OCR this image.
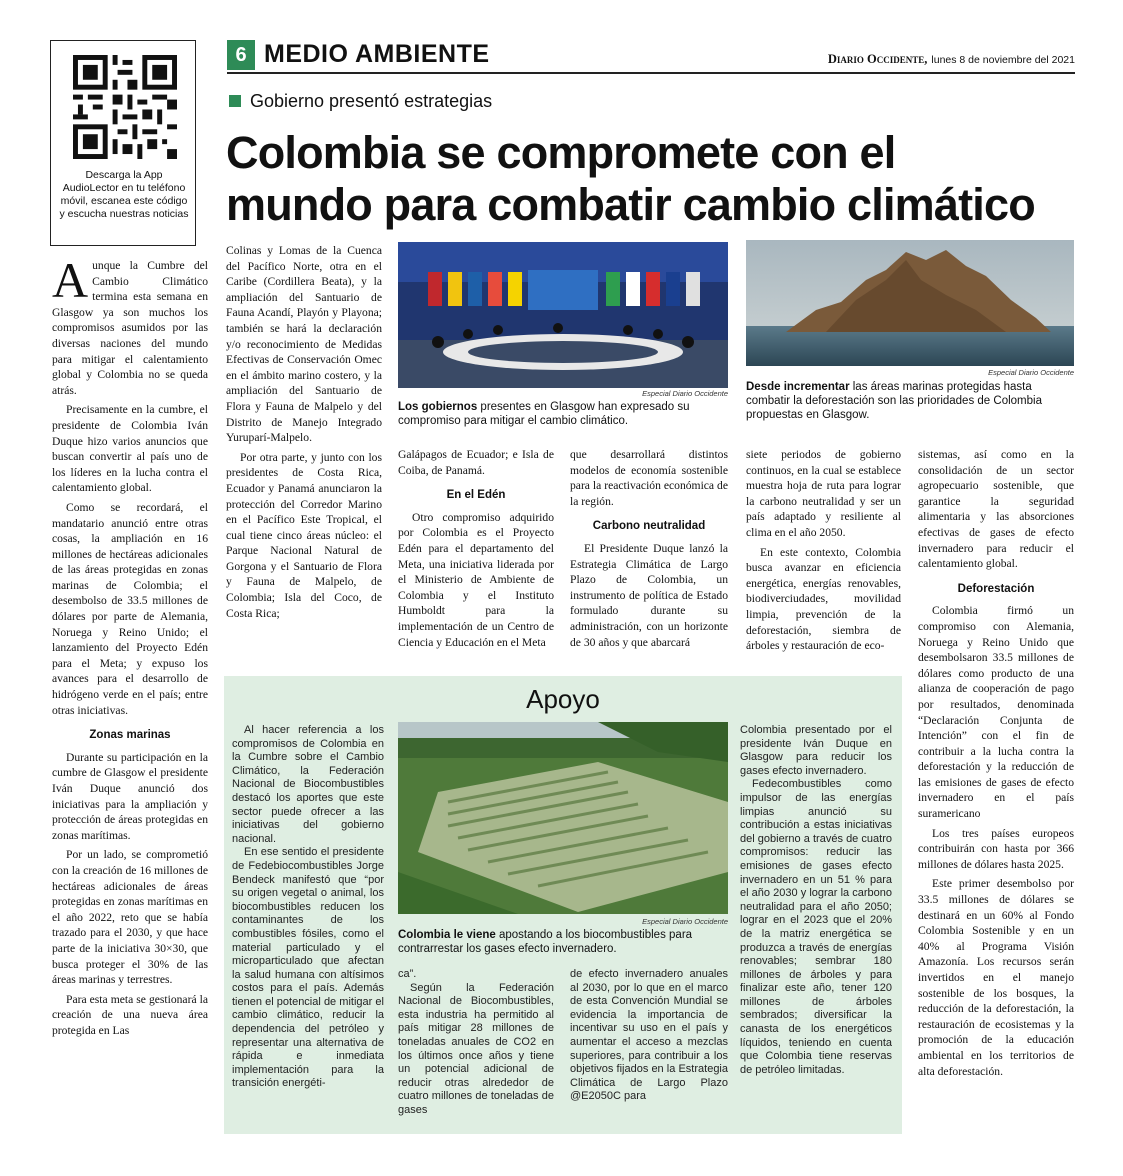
Descarga la App AudioLector en tu teléfono móvil, escanea este código y escucha nuestras noticias
6 MEDIO AMBIENTE	Diario Occidente, lunes 8 de noviembre del 2021
Gobierno presentó estrategias
Colombia se compromete con el
mundo para combatir cambio climático
Especial Diario Occidente
Los gobiernos presentes en Glasgow han expresado su compromiso para mitigar el cambio climático.
Especial Diario Occidente
Desde incrementar las áreas marinas protegidas hasta combatir la deforestación son las prioridades de Colombia propuestas en Glasgow.

Aunque la Cumbre del Cambio Climático termina esta semana en Glasgow ya son muchos los compromisos asumidos por las diversas naciones del mundo para mitigar el calentamiento global y Colombia no se queda atrás.

Precisamente en la cumbre, el presidente de Colombia Iván Duque hizo varios anuncios que buscan convertir al país uno de los líderes en la lucha contra el calentamiento global.

Como se recordará, el mandatario anunció entre otras cosas, la ampliación en 16 millones de hectáreas adicionales de las áreas protegidas en zonas marinas de Colombia; el desembolso de 33.5 millones de dólares por parte de Alemania, Noruega y Reino Unido; el lanzamiento del Proyecto Edén para el Meta; y expuso los avances para el desarrollo de hidrógeno verde en el país; entre otras iniciativas.

Zonas marinas

Durante su participación en la cumbre de Glasgow el presidente Iván Duque anunció dos iniciativas para la ampliación y protección de áreas protegidas en zonas marítimas.

Por un lado, se comprometió con la creación de 16 millones de hectáreas adicionales de áreas protegidas en zonas marítimas en el año 2022, reto que se había trazado para el 2030, y que hace parte de la iniciativa 30×30, que busca proteger el 30% de las áreas marinas y terrestres.

Para esta meta se gestionará la creación de una nueva área protegida en Las

Colinas y Lomas de la Cuenca del Pacífico Norte, otra en el Caribe (Cordillera Beata), y la ampliación del Santuario de Fauna Acandí, Playón y Playona; también se hará la declaración y/o reconocimiento de Medidas Efectivas de Conservación Omec en el ámbito marino costero, y la ampliación del Santuario de Flora y Fauna de Malpelo y del Distrito de Manejo Integrado Yuruparí-Malpelo.

Por otra parte, y junto con los presidentes de Costa Rica, Ecuador y Panamá anunciaron la protección del Corredor Marino en el Pacífico Este Tropical, el cual tiene cinco áreas núcleo: el Parque Nacional Natural de Gorgona y el Santuario de Flora y Fauna de Malpelo, de Colombia; Isla del Coco, de Costa Rica;

Galápagos de Ecuador; e Isla de Coiba, de Panamá.

En el Edén

Otro compromiso adquirido por Colombia es el Proyecto Edén para el departamento del Meta, una iniciativa liderada por el Ministerio de Ambiente de Colombia y el Instituto Humboldt para la implementación de un Centro de Ciencia y Educación en el Meta

que desarrollará distintos modelos de economía sostenible para la reactivación económica de la región.

Carbono neutralidad

El Presidente Duque lanzó la Estrategia Climática de Largo Plazo de Colombia, un instrumento de política de Estado formulado durante su administración, con un horizonte de 30 años y que abarcará

siete periodos de gobierno continuos, en la cual se establece muestra hoja de ruta para lograr la carbono neutralidad y ser un país adaptado y resiliente al clima en el año 2050.

En este contexto, Colombia busca avanzar en eficiencia energética, energías renovables, biodiverciudades, movilidad limpia, prevención de la deforestación, siembra de árboles y restauración de eco-

sistemas, así como en la consolidación de un sector agropecuario sostenible, que garantice la seguridad alimentaria y las absorciones efectivas de gases de efecto invernadero para reducir el calentamiento global.

Deforestación

Colombia firmó un compromiso con Alemania, Noruega y Reino Unido que desembolsaron 33.5 millones de dólares como producto de una alianza de cooperación de pago por resultados, denominada “Declaración Conjunta de Intención” con el fin de contribuir a la lucha contra la deforestación y la reducción de las emisiones de gases de efecto invernadero en el país suramericano

Los tres países europeos contribuirán con hasta por 366 millones de dólares hasta 2025.

Este primer desembolso por 33.5 millones de dólares se destinará en un 60% al Fondo Colombia Sostenible y en un 40% al Programa Visión Amazonía. Los recursos serán invertidos en el manejo sostenible de los bosques, la reducción de la deforestación, la restauración de ecosistemas y la promoción de la educación ambiental en los territorios de alta deforestación.

Apoyo

Al hacer referencia a los compromisos de Colombia en la Cumbre sobre el Cambio Climático, la Federación Nacional de Biocombustibles destacó los aportes que este sector puede ofrecer a las iniciativas del gobierno nacional.

En ese sentido el presidente de Fedebiocombustibles Jorge Bendeck manifestó que “por su origen vegetal o animal, los biocombustibles reducen los contaminantes de los combustibles fósiles, como el material particulado y el microparticulado que afectan la salud humana con altísimos costos para el país. Además tienen el potencial de mitigar el cambio climático, reducir la dependencia del petróleo y representar una alternativa de rápida e inmediata implementación para la transición energéti-

Especial Diario Occidente
Colombia le viene apostando a los biocombustibles para contrarrestar los gases efecto invernadero.

Colombia presentado por el presidente Iván Duque en Glasgow para reducir los gases efecto invernadero.

Fedecombustibles como impulsor de las energías limpias anunció su contribución a estas iniciativas del gobierno a través de cuatro compromisos: reducir las emisiones de gases efecto invernadero en un 51 % para el año 2030 y lograr la carbono neutralidad para el año 2050; lograr en el 2023 que el 20% de la matriz energética se produzca a través de energías renovables; sembrar 180 millones de árboles y para finalizar este año, tener 120 millones de árboles sembrados; diversificar la canasta de los energéticos líquidos, teniendo en cuenta que Colombia tiene reservas de petróleo limitadas.

ca”.

Según la Federación Nacional de Biocombustibles, esta industria ha permitido al país mitigar 28 millones de toneladas anuales de CO2 en los últimos once años y tiene un potencial adicional de reducir otras alrededor de cuatro millones de toneladas de gases

de efecto invernadero anuales al 2030, por lo que en el marco de esta Convención Mundial se evidencia la importancia de incentivar su uso en el país y aumentar el acceso a mezclas superiores, para contribuir a los objetivos fijados en la Estrategia Climática de Largo Plazo @E2050C para
